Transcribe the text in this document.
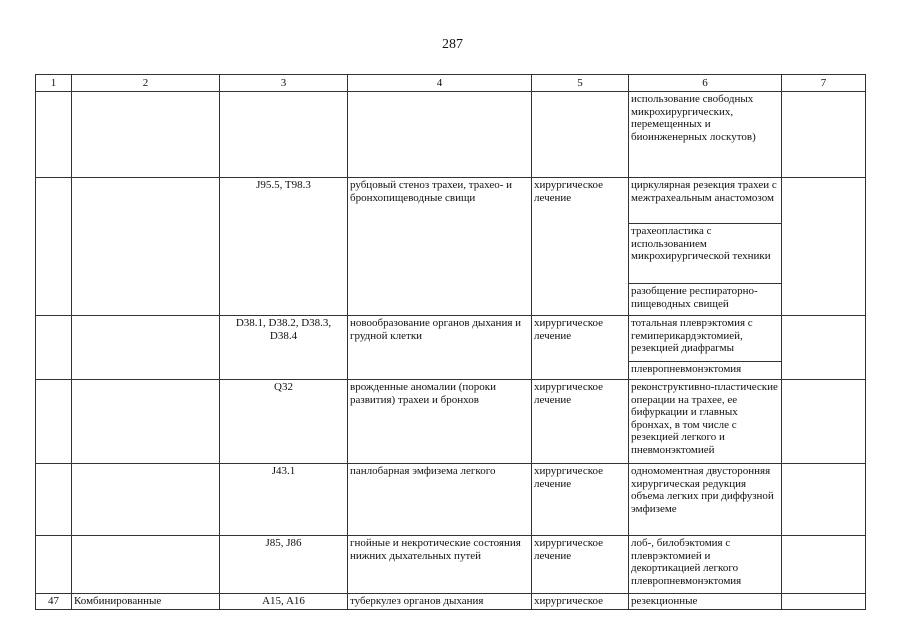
287
1	2	3	4	5	6	7
					использование свободных микрохирургических, перемещенных и биоинженерных лоскутов)	
		J95.5, T98.3	рубцовый стеноз трахеи, трахео- и бронхопищеводные свищи	хирургическое лечение	циркулярная резекция трахеи с межтрахеальным анастомозом	
					трахеопластика с использованием микрохирургической техники	
					разобщение респираторно-пищеводных свищей	
		D38.1, D38.2, D38.3, D38.4	новообразование органов дыхания и грудной клетки	хирургическое лечение	тотальная плеврэктомия с гемиперикардэктомией, резекцией диафрагмы	
					плевропневмонэктомия	
		Q32	врожденные аномалии (пороки развития) трахеи и бронхов	хирургическое лечение	реконструктивно-пластические операции на трахее, ее бифуркации и главных бронхах, в том числе с резекцией легкого и пневмонэктомией	
		J43.1	панлобарная эмфизема легкого	хирургическое лечение	одномоментная двусторонняя хирургическая редукция объема легких при диффузной эмфиземе	
		J85, J86	гнойные и некротические состояния нижних дыхательных путей	хирургическое лечение	лоб-, билобэктомия с плеврэктомией и декортикацией легкого плевропневмонэктомия	
47	Комбинированные	A15, A16	туберкулез органов дыхания	хирургическое	резекционные	
